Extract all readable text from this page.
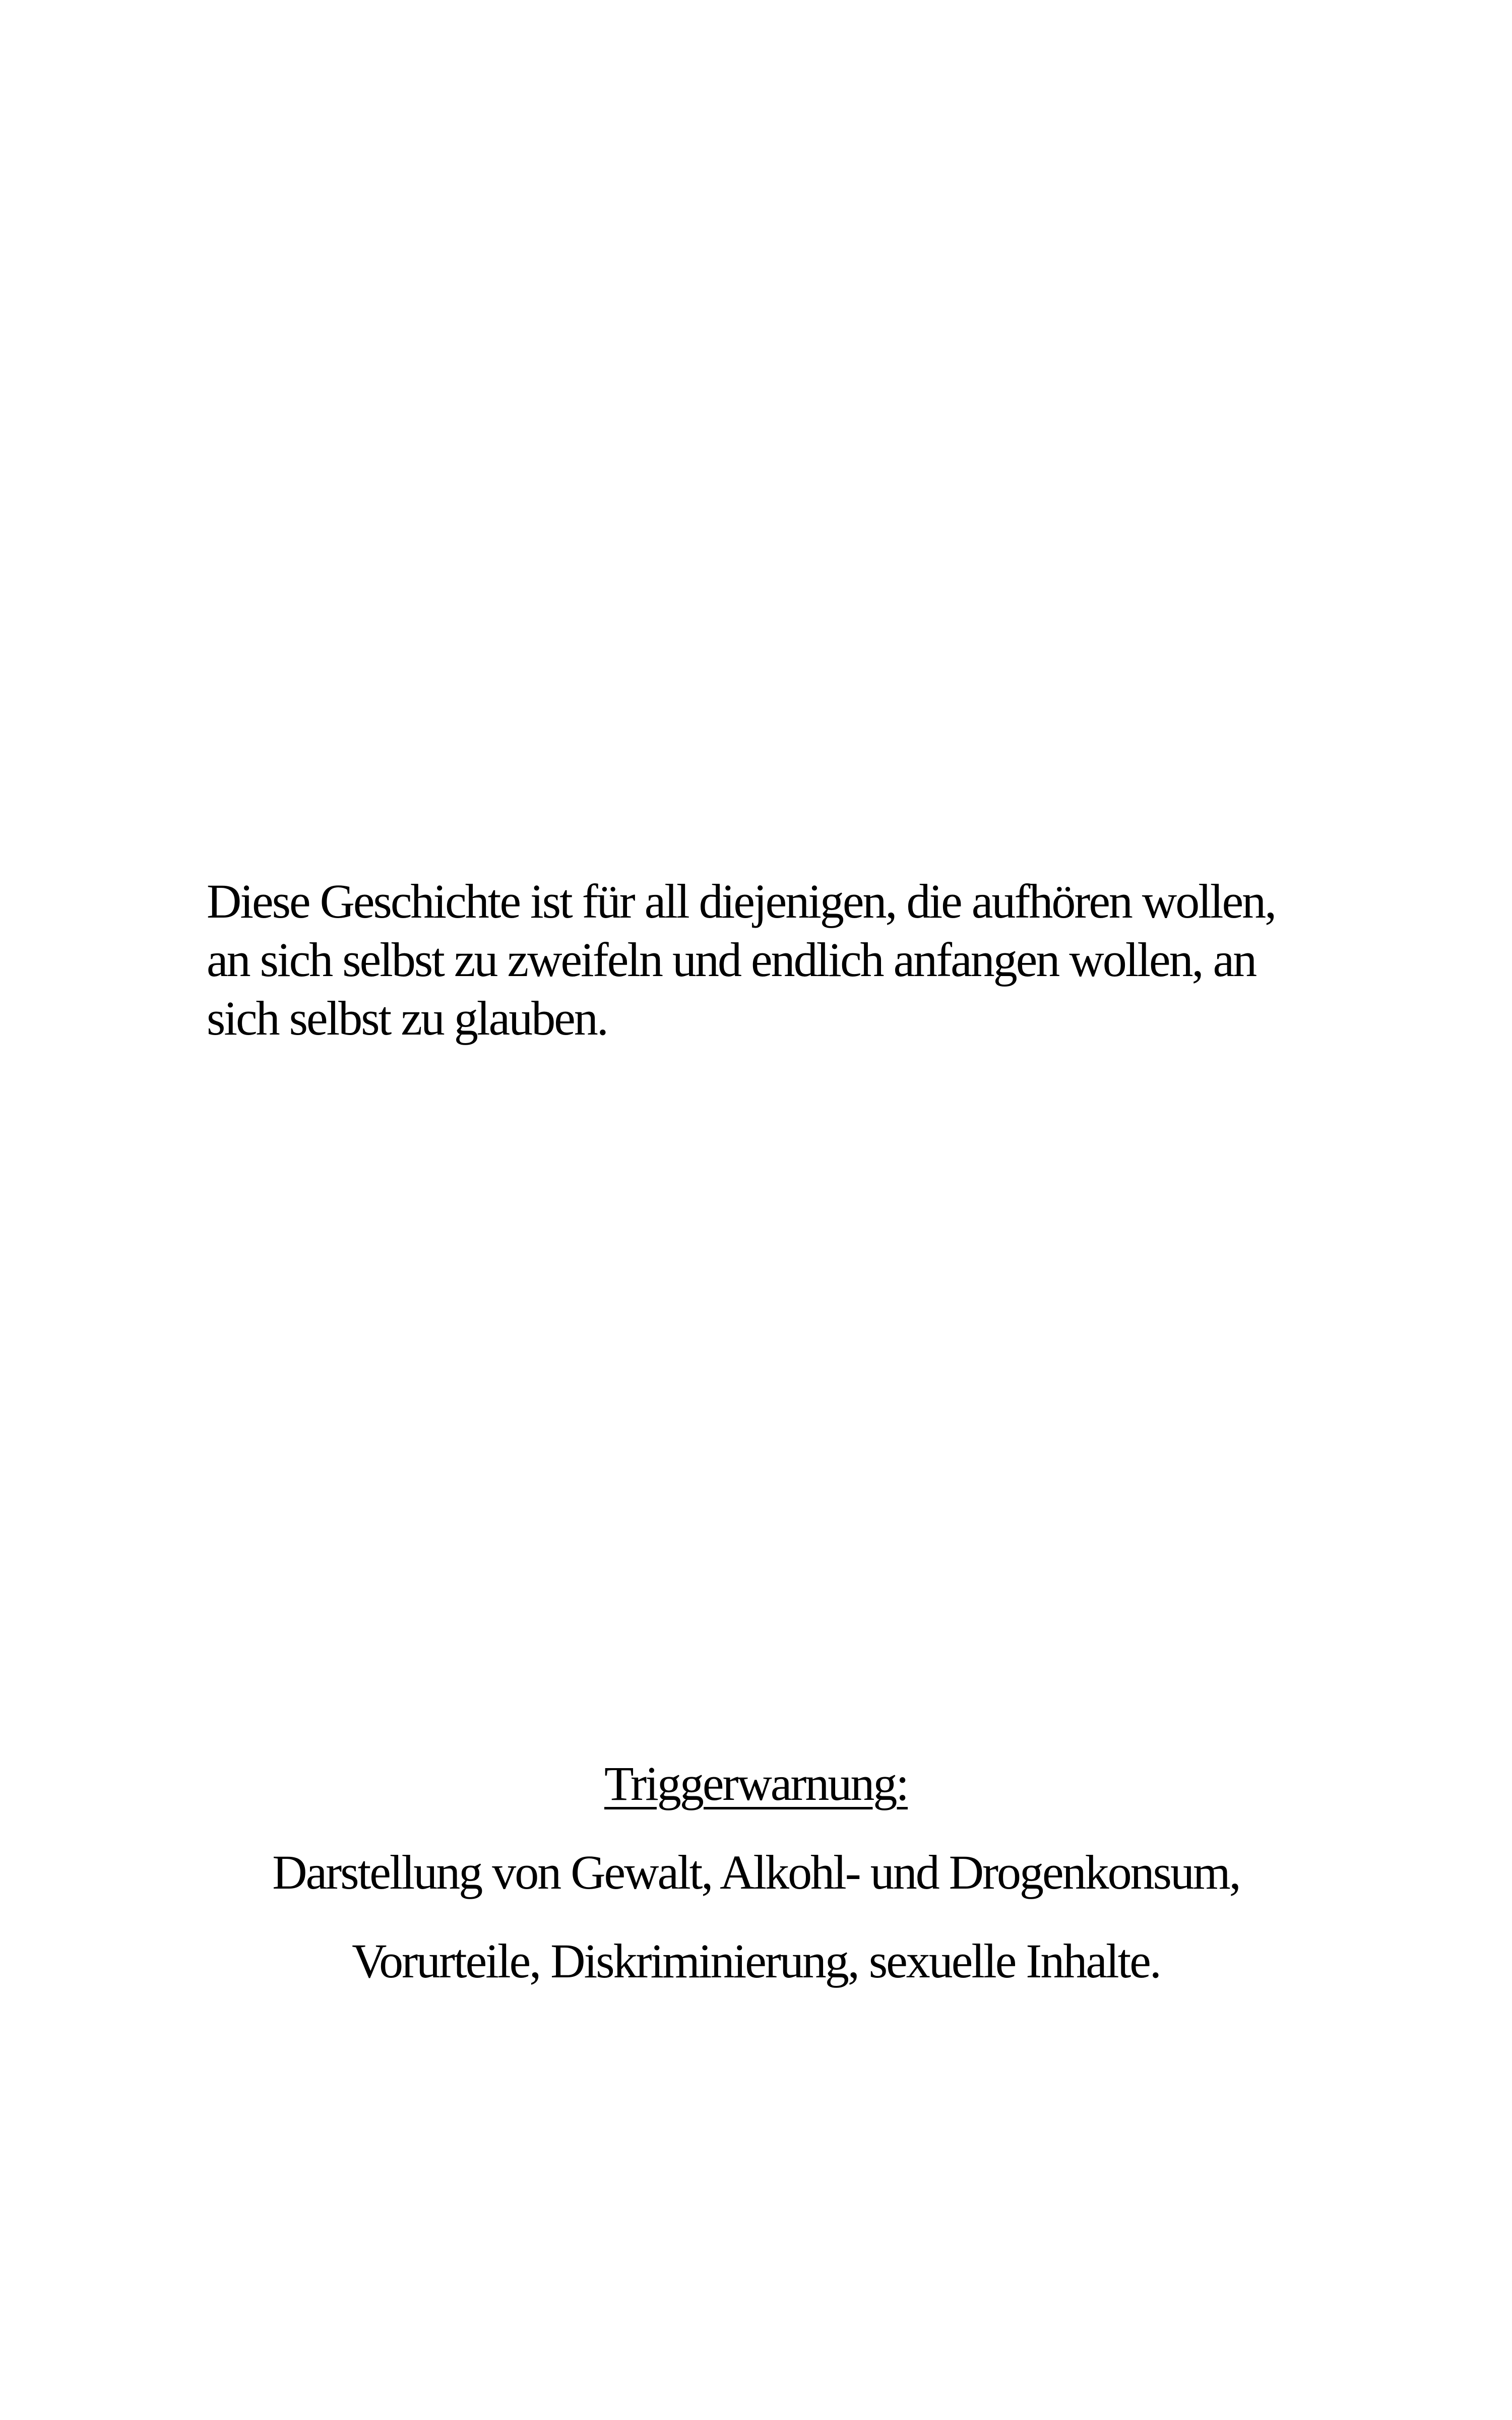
Diese Geschichte ist für all diejenigen, die aufhören wollen,
an sich selbst zu zweifeln und endlich anfangen wollen, an
sich selbst zu glauben.

Triggerwarnung:
Darstellung von Gewalt, Alkohl- und Drogenkonsum,
Vorurteile, Diskriminierung, sexuelle Inhalte.
